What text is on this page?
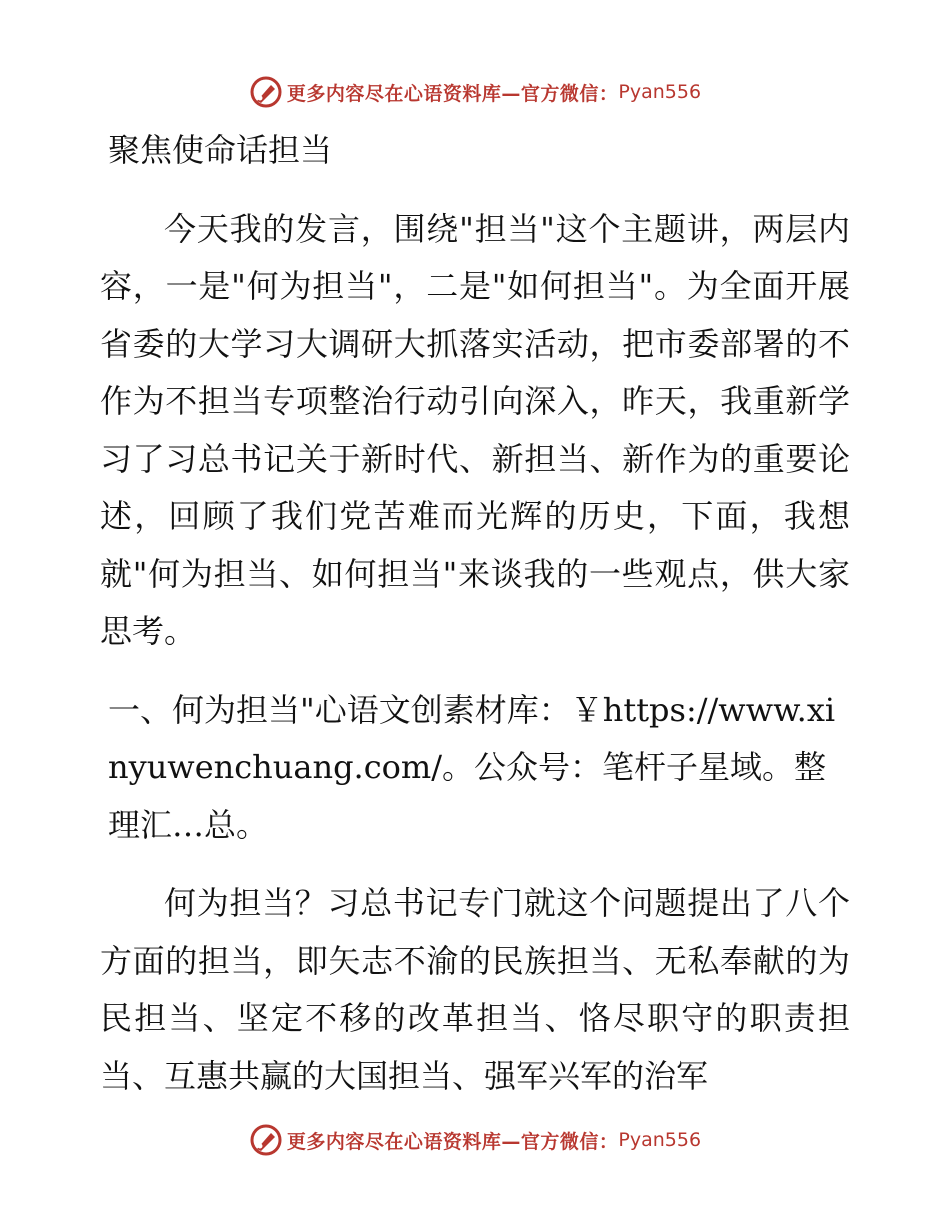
更多内容尽在心语资料库—官方微信： Pyan556

聚焦使命话担当

今天我的发言，围绕"担当"这个主题讲，两层内容，一是"何为担当"，二是"如何担当"。为全面开展省委的大学习大调研大抓落实活动，把市委部署的不作为不担当专项整治行动引向深入，昨天，我重新学习了习总书记关于新时代、新担当、新作为的重要论述，回顾了我们党苦难而光辉的历史，下面，我想就"何为担当、如何担当"来谈我的一些观点，供大家思考。

一、何为担当"心语文创素材库：￥https://www.xinyuwenchuang.com/。公众号：笔杆子星域。整理汇…总。

何为担当？习总书记专门就这个问题提出了八个方面的担当，即矢志不渝的民族担当、无私奉献的为民担当、坚定不移的改革担当、恪尽职守的职责担当、互惠共赢的大国担当、强军兴军的治军

更多内容尽在心语资料库—官方微信： Pyan556
